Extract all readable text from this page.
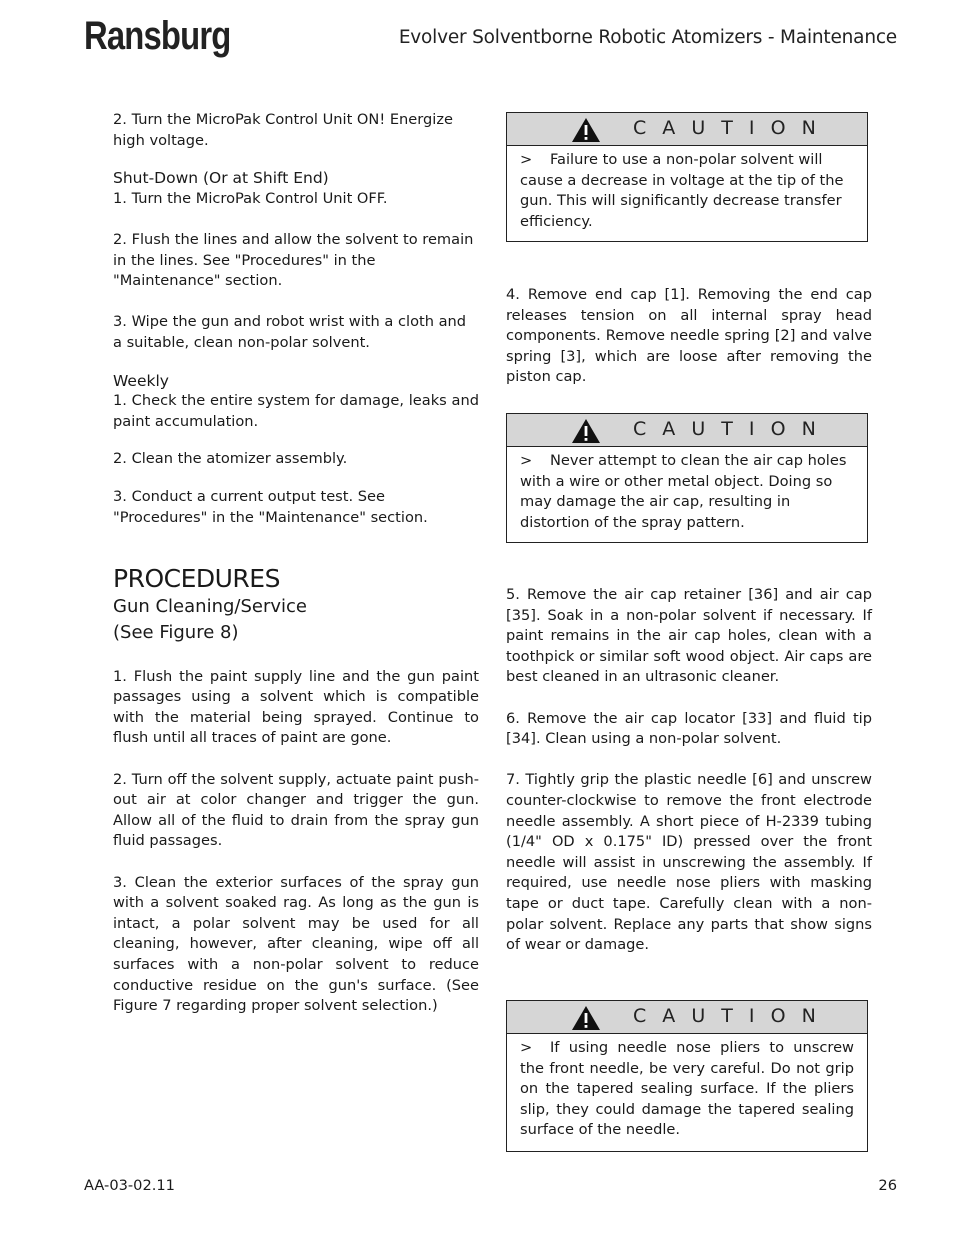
Ransburg	Evolver Solventborne Robotic Atomizers - Maintenance

2. Turn the MicroPak Control Unit ON! Energize high voltage.

Shut-Down (Or at Shift End)

1. Turn the MicroPak Control Unit OFF.

2. Flush the lines and allow the solvent to remain in the lines. See "Procedures" in the "Maintenance" section.

3. Wipe the gun and robot wrist with a cloth and a suitable, clean non-polar solvent.

Weekly

1. Check the entire system for damage, leaks and paint accumulation.

2. Clean the atomizer assembly.

3. Conduct a current output test. See "Procedures" in the "Maintenance" section.

PROCEDURES

Gun Cleaning/Service

(See Figure 8)

1. Flush the paint supply line and the gun paint passages using a solvent which is compatible with the material being sprayed. Continue to flush until all traces of paint are gone.

2. Turn off the solvent supply, actuate paint push-out air at color changer and trigger the gun. Allow all of the fluid to drain from the spray gun fluid passages.

3. Clean the exterior surfaces of the spray gun with a solvent soaked rag. As long as the gun is intact, a polar solvent may be used for all cleaning, however, after cleaning, wipe off all surfaces with a non-polar solvent to reduce conductive residue on the gun's surface. (See Figure 7 regarding proper solvent selection.)

C A U T I O N
> Failure to use a non-polar solvent will cause a decrease in voltage at the tip of the gun. This will significantly decrease transfer efficiency.
4. Remove end cap [1]. Removing the end cap releases tension on all internal spray head components. Remove needle spring [2] and valve spring [3], which are loose after removing the piston cap.
C A U T I O N
> Never attempt to clean the air cap holes with a wire or other metal object. Doing so may damage the air cap, resulting in distortion of the spray pattern.

5. Remove the air cap retainer [36] and air cap [35]. Soak in a non-polar solvent if necessary. If paint remains in the air cap holes, clean with a toothpick or similar soft wood object. Air caps are best cleaned in an ultrasonic cleaner.

6. Remove the air cap locator [33] and fluid tip [34]. Clean using a non-polar solvent.

7. Tightly grip the plastic needle [6] and unscrew counter-clockwise to remove the front electrode needle assembly. A short piece of H-2339 tubing (1/4" OD x 0.175" ID) pressed over the front needle will assist in unscrewing the assembly. If required, use needle nose pliers with masking tape or duct tape. Carefully clean with a non-polar solvent. Replace any parts that show signs of wear or damage.

C A U T I O N
> If using needle nose pliers to unscrew the front needle, be very careful. Do not grip on the tapered sealing surface. If the pliers slip, they could damage the tapered sealing surface of the needle.
AA-03-02.11	26
